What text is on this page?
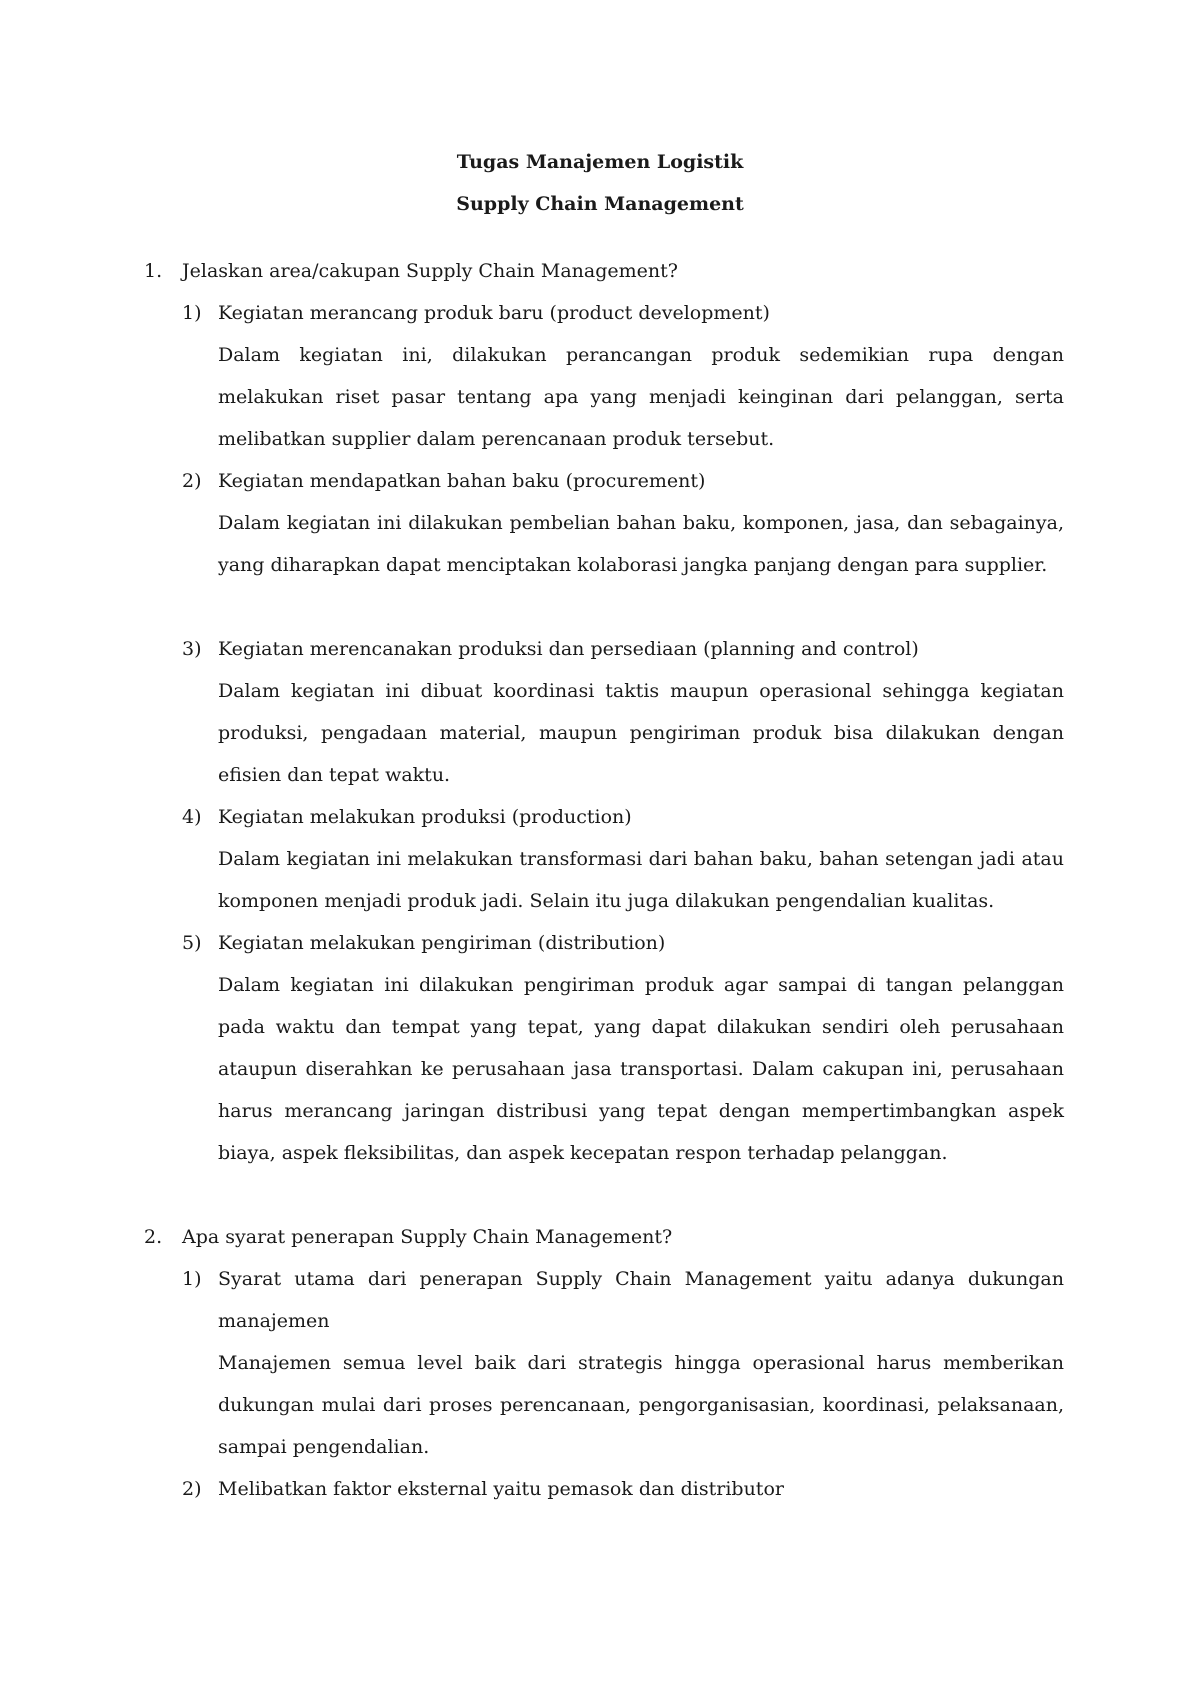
Tugas Manajemen Logistik
Supply Chain Management
1.	Jelaskan area/cakupan Supply Chain Management?
1) Kegiatan merancang produk baru (product development)
Dalam kegiatan ini, dilakukan perancangan produk sedemikian rupa dengan melakukan riset pasar tentang apa yang menjadi keinginan dari pelanggan, serta melibatkan supplier dalam perencanaan produk tersebut.
2) Kegiatan mendapatkan bahan baku (procurement)
Dalam kegiatan ini dilakukan pembelian bahan baku, komponen, jasa, dan sebagainya, yang diharapkan dapat menciptakan kolaborasi jangka panjang dengan para supplier.
3) Kegiatan merencanakan produksi dan persediaan (planning and control)
Dalam kegiatan ini dibuat koordinasi taktis maupun operasional sehingga kegiatan produksi, pengadaan material, maupun pengiriman produk bisa dilakukan dengan efisien dan tepat waktu.
4) Kegiatan melakukan produksi (production)
Dalam kegiatan ini melakukan transformasi dari bahan baku, bahan setengan jadi atau komponen menjadi produk jadi. Selain itu juga dilakukan pengendalian kualitas.
5) Kegiatan melakukan pengiriman (distribution)
Dalam kegiatan ini dilakukan pengiriman produk agar sampai di tangan pelanggan pada waktu dan tempat yang tepat, yang dapat dilakukan sendiri oleh perusahaan ataupun diserahkan ke perusahaan jasa transportasi. Dalam cakupan ini, perusahaan harus merancang jaringan distribusi yang tepat dengan mempertimbangkan aspek biaya, aspek fleksibilitas, dan aspek kecepatan respon terhadap pelanggan.
2.	Apa syarat penerapan Supply Chain Management?
1) Syarat utama dari penerapan Supply Chain Management yaitu adanya dukungan manajemen
Manajemen semua level baik dari strategis hingga operasional harus memberikan dukungan mulai dari proses perencanaan, pengorganisasian, koordinasi, pelaksanaan, sampai pengendalian.
2) Melibatkan faktor eksternal yaitu pemasok dan distributor
